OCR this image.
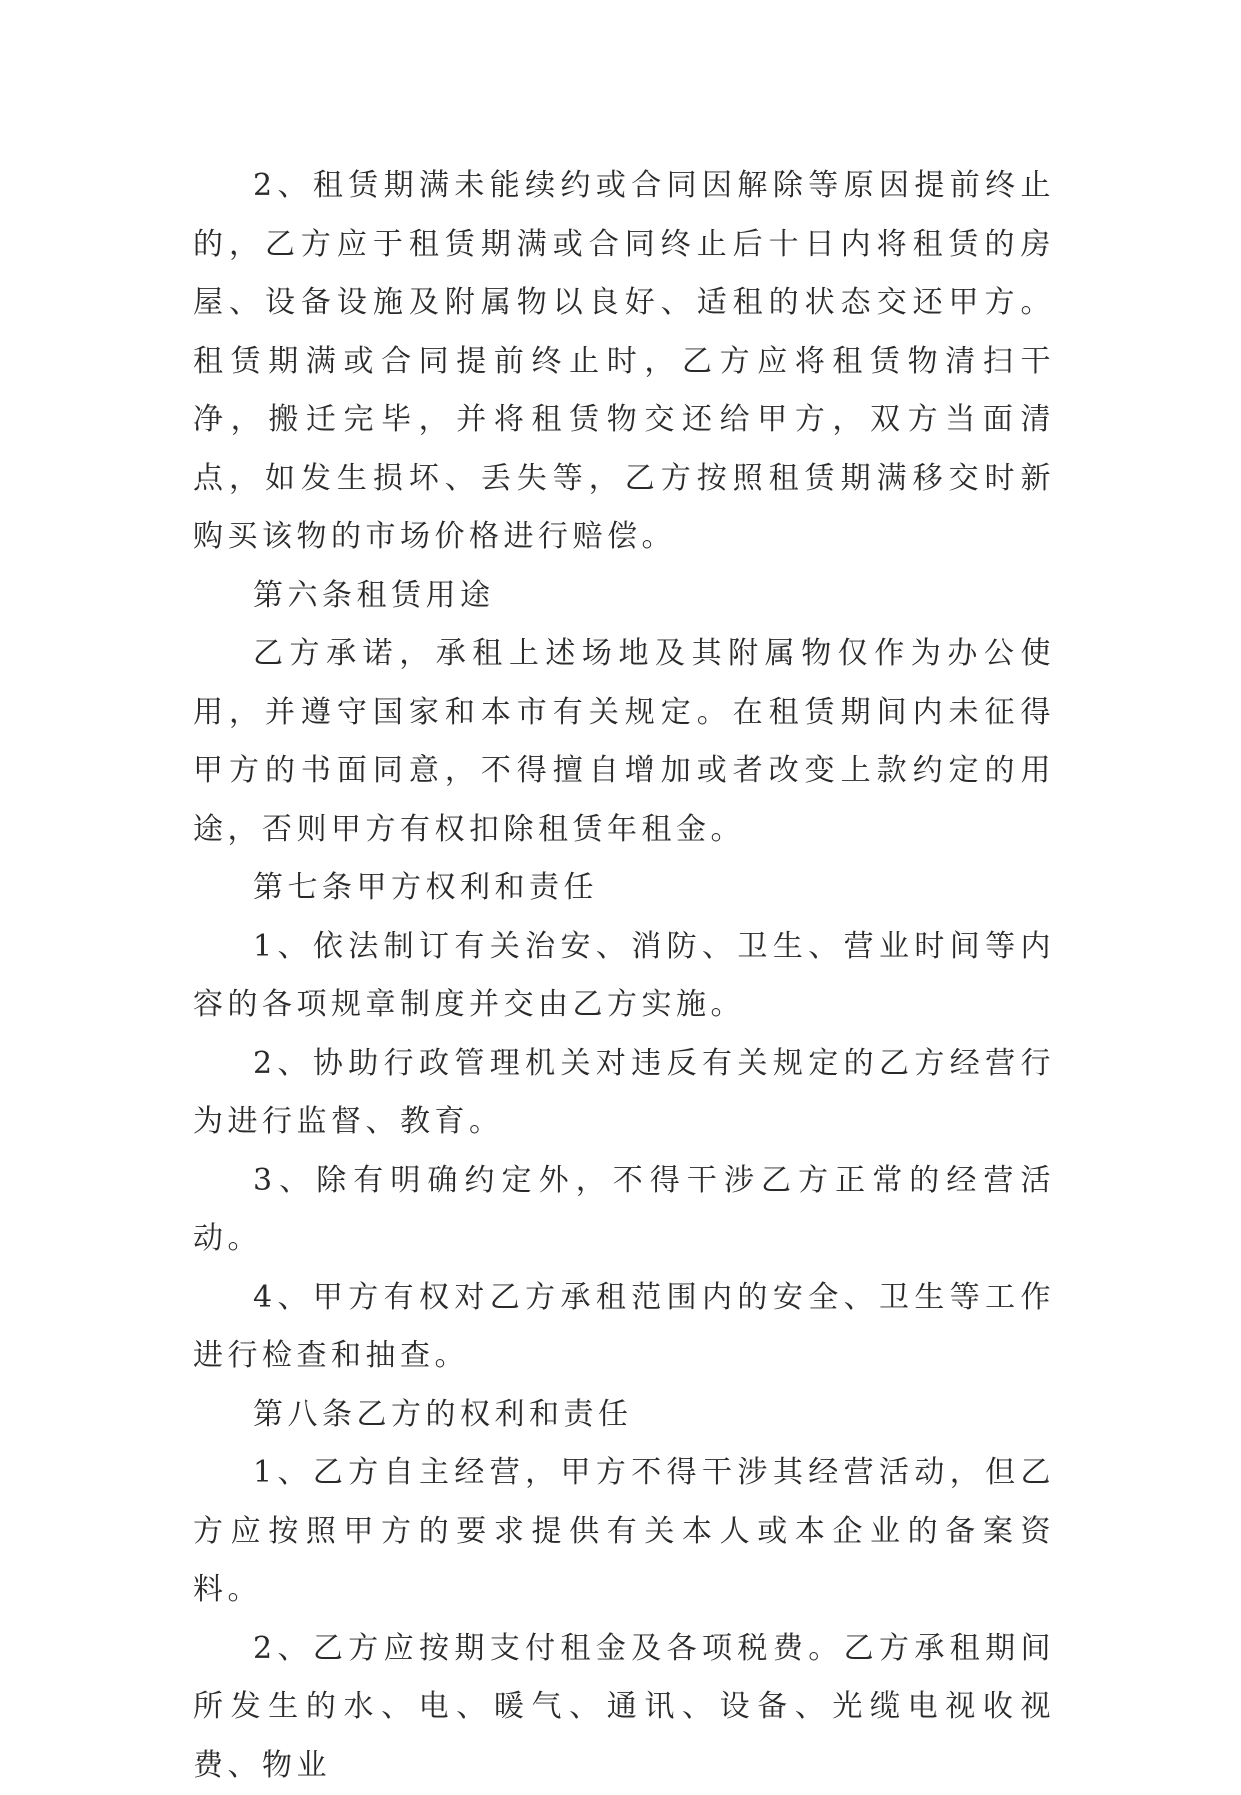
2、租赁期满未能续约或合同因解除等原因提前终止的，乙方应于租赁期满或合同终止后十日内将租赁的房屋、设备设施及附属物以良好、适租的状态交还甲方。租赁期满或合同提前终止时，乙方应将租赁物清扫干净，搬迁完毕，并将租赁物交还给甲方，双方当面清点，如发生损坏、丢失等，乙方按照租赁期满移交时新购买该物的市场价格进行赔偿。

第六条租赁用途

乙方承诺，承租上述场地及其附属物仅作为办公使用，并遵守国家和本市有关规定。在租赁期间内未征得甲方的书面同意，不得擅自增加或者改变上款约定的用途，否则甲方有权扣除租赁年租金。

第七条甲方权利和责任

1、依法制订有关治安、消防、卫生、营业时间等内容的各项规章制度并交由乙方实施。

2、协助行政管理机关对违反有关规定的乙方经营行为进行监督、教育。

3、除有明确约定外，不得干涉乙方正常的经营活动。

4、甲方有权对乙方承租范围内的安全、卫生等工作进行检查和抽查。

第八条乙方的权利和责任

1、乙方自主经营，甲方不得干涉其经营活动，但乙方应按照甲方的要求提供有关本人或本企业的备案资料。

2、乙方应按期支付租金及各项税费。乙方承租期间所发生的水、电、暖气、通讯、设备、光缆电视收视费、物业
